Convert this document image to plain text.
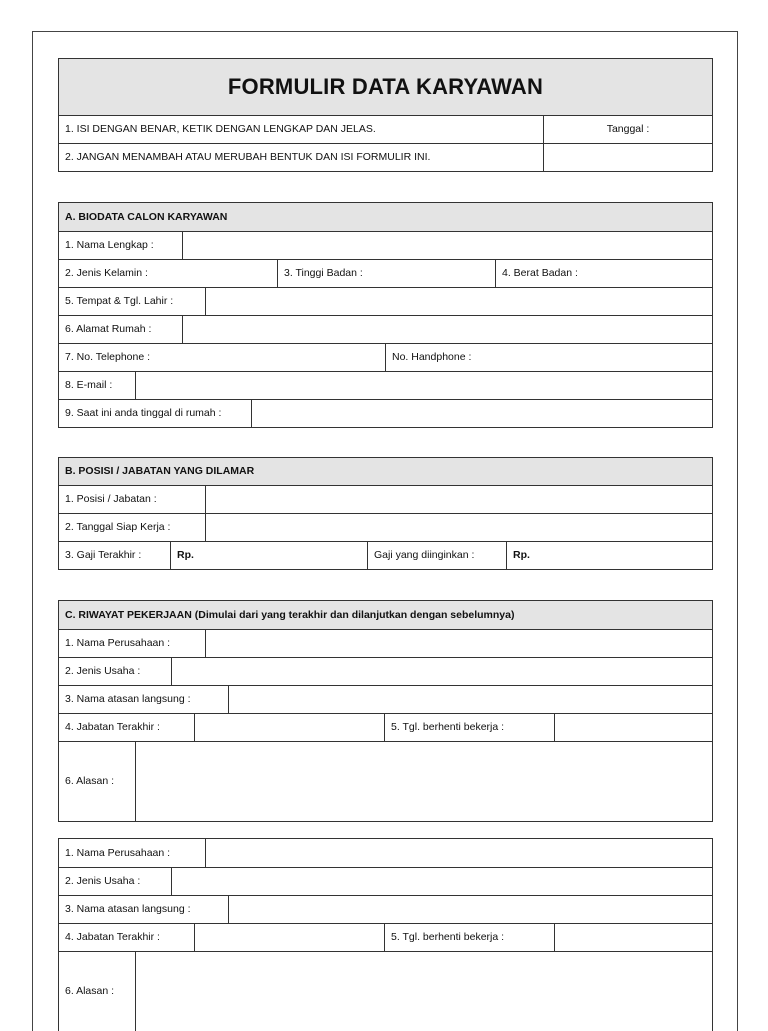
FORMULIR DATA KARYAWAN
1. ISI DENGAN BENAR, KETIK DENGAN LENGKAP DAN JELAS.	Tanggal :
2. JANGAN MENAMBAH ATAU MERUBAH BENTUK DAN ISI FORMULIR INI.
A. BIODATA CALON KARYAWAN
1. Nama Lengkap :
2. Jenis Kelamin :	3. Tinggi Badan :	4. Berat Badan :
5. Tempat & Tgl. Lahir :
6. Alamat Rumah :
7. No. Telephone :	No. Handphone :
8. E-mail :
9. Saat ini anda tinggal di rumah :
B. POSISI / JABATAN YANG DILAMAR
1. Posisi / Jabatan :
2. Tanggal Siap Kerja :
3. Gaji Terakhir :	Rp.	Gaji yang diinginkan :	Rp.
C. RIWAYAT PEKERJAAN
(Dimulai dari yang terakhir dan dilanjutkan dengan sebelumnya)
1. Nama Perusahaan :
2. Jenis Usaha :
3. Nama atasan langsung :
4. Jabatan Terakhir :	5. Tgl. berhenti bekerja :
6. Alasan :
1. Nama Perusahaan :
2. Jenis Usaha :
3. Nama atasan langsung :
4. Jabatan Terakhir :	5. Tgl. berhenti bekerja :
6. Alasan :
